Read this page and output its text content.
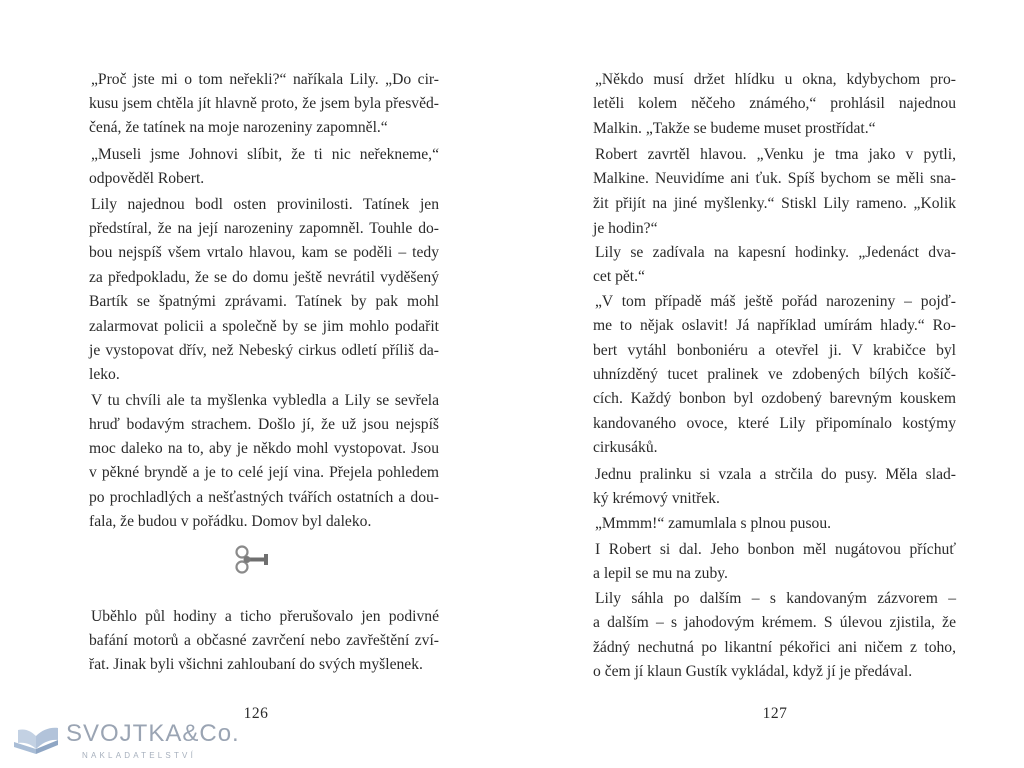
„Proč jste mi o tom neřekli?“ naříkala Lily. „Do cir-
kusu jsem chtěla jít hlavně proto, že jsem byla přesvěd-
čená, že tatínek na moje narozeniny zapomněl.“
„Museli jsme Johnovi slíbit, že ti nic neřekneme,“
odpověděl Robert.
Lily najednou bodl osten provinilosti. Tatínek jen
předstíral, že na její narozeniny zapomněl. Touhle do-
bou nejspíš všem vrtalo hlavou, kam se poděli – tedy
za předpokladu, že se do domu ještě nevrátil vyděšený
Bartík se špatnými zprávami. Tatínek by pak mohl
zalarmovat policii a společně by se jim mohlo podařit
je vystopovat dřív, než Nebeský cirkus odletí příliš da-
leko.
V tu chvíli ale ta myšlenka vybledla a Lily se sevřela
hruď bodavým strachem. Došlo jí, že už jsou nejspíš
moc daleko na to, aby je někdo mohl vystopovat. Jsou
v pěkné bryndě a je to celé její vina. Přejela pohledem
po prochladlých a nešťastných tvářích ostatních a dou-
fala, že budou v pořádku. Domov byl daleko.
Uběhlo půl hodiny a ticho přerušovalo jen podivné
bafání motorů a občasné zavrčení nebo zavřeštění zví-
řat. Jinak byli všichni zahloubaní do svých myšlenek.
„Někdo musí držet hlídku u okna, kdybychom pro-
letěli kolem něčeho známého,“ prohlásil najednou
Malkin. „Takže se budeme muset prostřídat.“
Robert zavrtěl hlavou. „Venku je tma jako v pytli,
Malkine. Neuvidíme ani ťuk. Spíš bychom se měli sna-
žit přijít na jiné myšlenky.“ Stiskl Lily rameno. „Kolik
je hodin?“
Lily se zadívala na kapesní hodinky. „Jedenáct dva-
cet pět.“
„V tom případě máš ještě pořád narozeniny – pojď-
me to nějak oslavit! Já například umírám hlady.“ Ro-
bert vytáhl bonboniéru a otevřel ji. V krabičce byl
uhnízděný tucet pralinek ve zdobených bílých košíč-
cích. Každý bonbon byl ozdobený barevným kouskem
kandovaného ovoce, které Lily připomínalo kostýmy
cirkusáků.
Jednu pralinku si vzala a strčila do pusy. Měla slad-
ký krémový vnitřek.
„Mmmm!“ zamumlala s plnou pusou.
I Robert si dal. Jeho bonbon měl nugátovou příchuť
a lepil se mu na zuby.
Lily sáhla po dalším – s kandovaným zázvorem –
a dalším – s jahodovým krémem. S úlevou zjistila, že
žádný nechutná po likantní pékořici ani ničem z toho,
o čem jí klaun Gustík vykládal, když jí je předával.
126	127
SVOJTKA&Co.
NAKLADATELSTVÍ
